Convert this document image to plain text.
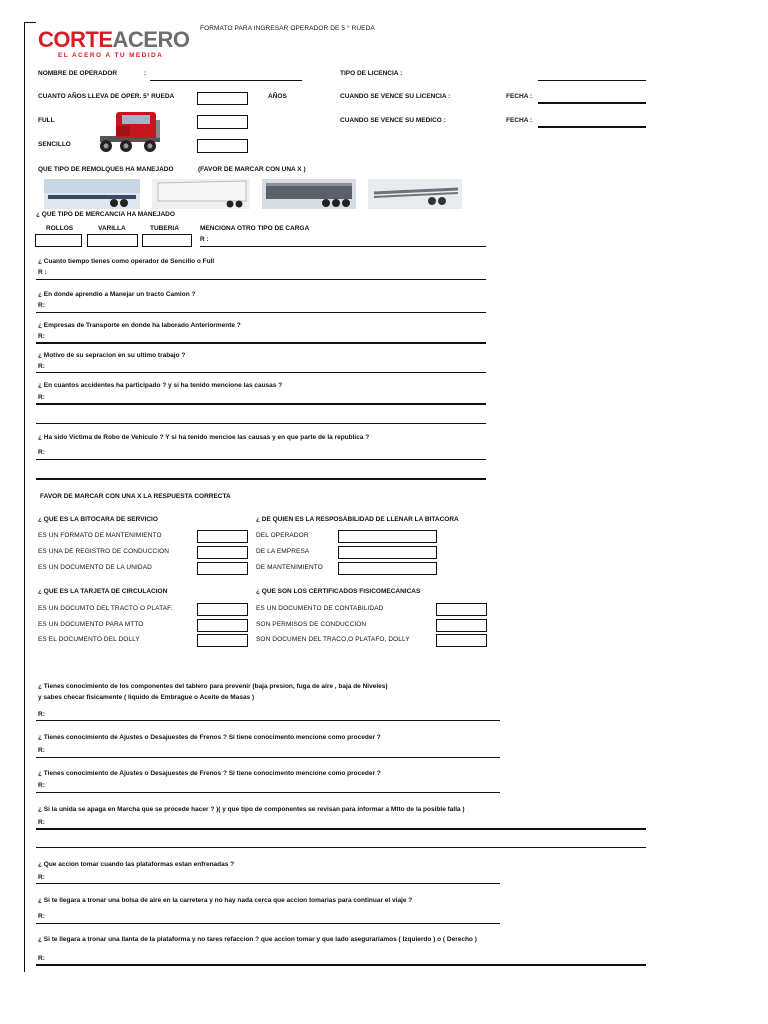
CORTEACERO
EL ACERO A TU MEDIDA
FORMATO PARA INGRESAR OPERADOR DE 5 ° RUEDA
NOMBRE DE OPERADOR	:	TIPO DE LICENCIA :
CUANTO AÑOS LLEVA DE OPER. 5° RUEDA	AÑOS	CUANDO SE VENCE SU LICENCIA :	FECHA :
FULL	CUANDO SE VENCE SU MEDICO :	FECHA :
SENCILLO
QUE TIPO DE REMOLQUES HA MANEJADO	(FAVOR DE MARCAR CON UNA X )
¿ QUE TIPO DE MERCANCIA HA MANEJADO
ROLLOS	VARILLA	TUBERIA	MENCIONA OTRO TIPO DE CARGA
R :
¿ Cuanto tiempo tienes como operador de Sencillo o Full
R :
¿ En donde aprendio a Manejar un tracto Camion ?
R:
¿ Empresas de Transporte en donde ha laborado Anteriormente ?
R:
¿ Motivo de su sepracion en su ultimo trabajo ?
R:
¿ En cuantos accidentes ha participado ? y si ha tenido mencione las causas ?
R:
¿ Ha sido Victima de Robo de Vehiculo ? Y si ha tenido mencioe las causas y en que parte de la republica ?
R:
FAVOR DE MARCAR CON UNA X LA RESPUESTA CORRECTA
¿ QUE ES LA BITOCARA DE SERVICIO
ES UN FORMATO DE MANTENIMIENTO
ES UNA DE REGISTRO DE CONDUCCION
ES UN DOCUMENTO DE LA UNIDAD
¿ DE QUIEN ES LA RESPOSABILIDAD DE LLENAR LA BITACORA
DEL OPERADOR
DE LA EMPRESA
DE MANTENIMIENTO
¿ QUE ES LA TARJETA DE CIRCULACION
ES UN DOCUMTO DEL TRACTO O PLATAF.
ES UN DOCUMENTO PARA MTTO
ES EL DOCUMENTO DEL DOLLY
¿ QUE SON LOS CERTIFICADOS FISICOMECANICAS
ES UN DOCUMENTO DE CONTABILIDAD
SON PERMISOS DE CONDUCCION
SON DOCUMEN DEL TRACO,O PLATAFO, DOLLY
¿ Tienes conocimiento de los componentes del tablero para prevenir (baja presion, fuga de aire , baja de Niveles)
y sabes checar fisicamente ( liquido de Embrague o Aceite de Masas )
R:
¿ Tienes conocimiento de Ajustes o Desajuestes de Frenos ? Si tiene conocimento mencione como proceder ?
R:
¿ Tienes conocimiento de Ajustes o Desajuestes de Frenos ? Si tiene conocimento mencione como proceder ?
R:
¿ Si la unida se apaga en Marcha que se procede hacer ? )( y que tipo de componentes se revisan para informar a Mtto de la posible falla )
R:
¿ Que accion tomar cuando las plataformas estan enfrenadas ?
R:
¿ Si te llegara a tronar una bolsa de aire en la carretera y no hay nada cerca que accion tomarias para continuar el viaje ?
R:
¿ Si te llegara a tronar una llanta de la plataforma y no tares refaccion ? que accion tomar y que lado aseguraríamos ( Izquierdo ) o ( Derecho )
R:
